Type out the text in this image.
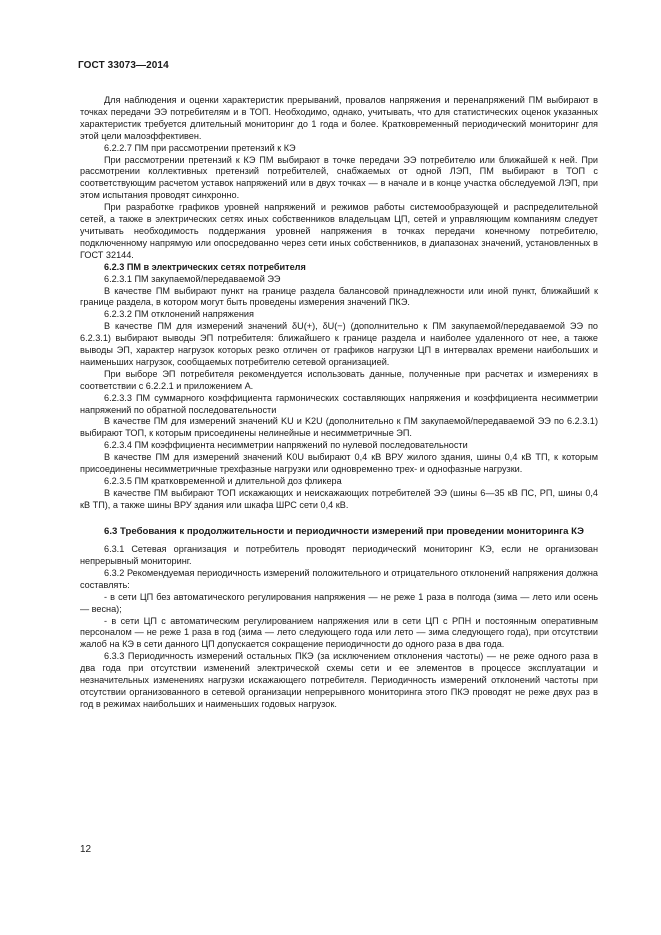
ГОСТ 33073—2014

Для наблюдения и оценки характеристик прерываний, провалов напряжения и перенапряжений ПМ выбирают в точках передачи ЭЭ потребителям и в ТОП. Необходимо, однако, учитывать, что для статистических оценок указанных характеристик требуется длительный мониторинг до 1 года и более. Кратковременный периодический мониторинг для этой цели малоэффективен.

6.2.2.7 ПМ при рассмотрении претензий к КЭ

При рассмотрении претензий к КЭ ПМ выбирают в точке передачи ЭЭ потребителю или ближайшей к ней. При рассмотрении коллективных претензий потребителей, снабжаемых от одной ЛЭП, ПМ выбирают в ТОП с соответствующим расчетом уставок напряжений или в двух точках — в начале и в конце участка обследуемой ЛЭП, при этом испытания проводят синхронно.

При разработке графиков уровней напряжений и режимов работы системообразующей и распределительной сетей, а также в электрических сетях иных собственников владельцам ЦП, сетей и управляющим компаниям следует учитывать необходимость поддержания уровней напряжения в точках передачи конечному потребителю, подключенному напрямую или опосредованно через сети иных собственников, в диапазонах значений, установленных в ГОСТ 32144.

6.2.3 ПМ в электрических сетях потребителя

6.2.3.1 ПМ закупаемой/передаваемой ЭЭ

В качестве ПМ выбирают пункт на границе раздела балансовой принадлежности или иной пункт, ближайший к границе раздела, в котором могут быть проведены измерения значений ПКЭ.

6.2.3.2 ПМ отклонений напряжения

В качестве ПМ для измерений значений δU(+), δU(−) (дополнительно к ПМ закупаемой/передаваемой ЭЭ по 6.2.3.1) выбирают выводы ЭП потребителя: ближайшего к границе раздела и наиболее удаленного от нее, а также выводы ЭП, характер нагрузок которых резко отличен от графиков нагрузки ЦП в интервалах времени наибольших и наименьших нагрузок, сообщаемых потребителю сетевой организацией.

При выборе ЭП потребителя рекомендуется использовать данные, полученные при расчетах и измерениях в соответствии с 6.2.2.1 и приложением А.

6.2.3.3 ПМ суммарного коэффициента гармонических составляющих напряжения и коэффициента несимметрии напряжений по обратной последовательности

В качестве ПМ для измерений значений KU и K2U (дополнительно к ПМ закупаемой/передаваемой ЭЭ по 6.2.3.1) выбирают ТОП, к которым присоединены нелинейные и несимметричные ЭП.

6.2.3.4 ПМ коэффициента несимметрии напряжений по нулевой последовательности

В качестве ПМ для измерений значений K0U выбирают 0,4 кВ ВРУ жилого здания, шины 0,4 кВ ТП, к которым присоединены несимметричные трехфазные нагрузки или одновременно трех- и однофазные нагрузки.

6.2.3.5 ПМ кратковременной и длительной доз фликера

В качестве ПМ выбирают ТОП искажающих и неискажающих потребителей ЭЭ (шины 6—35 кВ ПС, РП, шины 0,4 кВ ТП), а также шины ВРУ здания или шкафа ШРС сети 0,4 кВ.

6.3 Требования к продолжительности и периодичности измерений при проведении мониторинга КЭ

6.3.1 Сетевая организация и потребитель проводят периодический мониторинг КЭ, если не организован непрерывный мониторинг.

6.3.2 Рекомендуемая периодичность измерений положительного и отрицательного отклонений напряжения должна составлять:

- в сети ЦП без автоматического регулирования напряжения — не реже 1 раза в полгода (зима — лето или осень — весна);

- в сети ЦП с автоматическим регулированием напряжения или в сети ЦП с РПН и постоянным оперативным персоналом — не реже 1 раза в год (зима — лето следующего года или лето — зима следующего года), при отсутствии жалоб на КЭ в сети данного ЦП допускается сокращение периодичности до одного раза в два года.

6.3.3 Периодичность измерений остальных ПКЭ (за исключением отклонения частоты) — не реже одного раза в два года при отсутствии изменений электрической схемы сети и ее элементов в процессе эксплуатации и незначительных изменениях нагрузки искажающего потребителя. Периодичность измерений отклонений частоты при отсутствии организованного в сетевой организации непрерывного мониторинга этого ПКЭ проводят не реже двух раз в год в режимах наибольших и наименьших годовых нагрузок.

12
